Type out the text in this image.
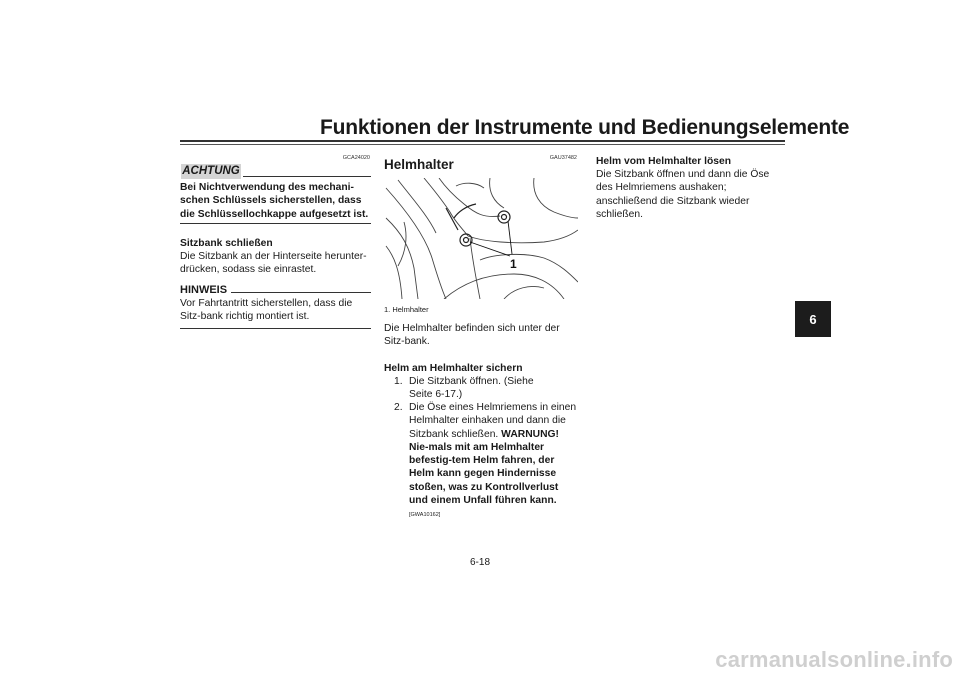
Funktionen der Instrumente und Bedienungselemente
6
GCA24020
ACHTUNG
Bei Nichtverwendung des mechani-schen Schlüssels sicherstellen, dass die Schlüssellochkappe aufgesetzt ist.
Sitzbank schließen
Die Sitzbank an der Hinterseite herunter-drücken, sodass sie einrastet.
HINWEIS
Vor Fahrtantritt sicherstellen, dass die Sitz-bank richtig montiert ist.
GAU37482
Helmhalter
1
1. Helmhalter
Die Helmhalter befinden sich unter der Sitz-bank.
Helm am Helmhalter sichern
1. Die Sitzbank öffnen. (Siehe Seite 6-17.)
2. Die Öse eines Helmriemens in einen Helmhalter einhaken und dann die Sitzbank schließen. WARNUNG! Nie-mals mit am Helmhalter befestig-tem Helm fahren, der Helm kann gegen Hindernisse stoßen, was zu Kontrollverlust und einem Unfall führen kann. [GWA10162]
Helm vom Helmhalter lösen
Die Sitzbank öffnen und dann die Öse des Helmriemens aushaken; anschließend die Sitzbank wieder schließen.
6-18
carmanualsonline.info
